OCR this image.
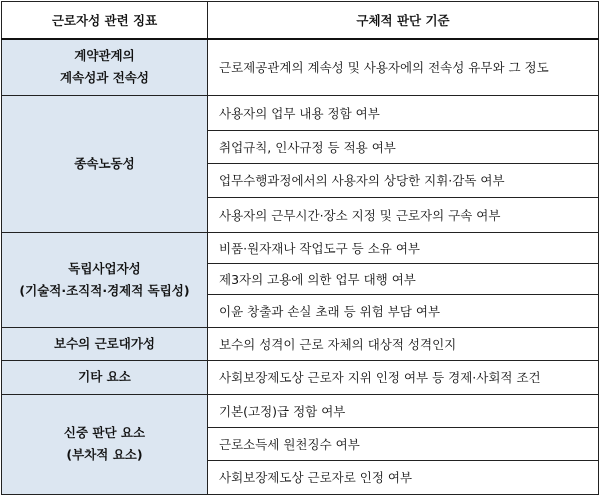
근로자성 관련 징표	구체적 판단 기준

계약관계의
계속성과 전속성	근로제공관계의 계속성 및 사용자에의 전속성 유무와 그 정도

종속노동성	사용자의 업무 내용 정함 여부
	취업규칙, 인사규정 등 적용 여부
	업무수행과정에서의 사용자의 상당한 지휘·감독 여부
	사용자의 근무시간·장소 지정 및 근로자의 구속 여부

독립사업자성
(기술적·조직적·경제적 독립성)	비품·원자재나 작업도구 등 소유 여부
	제3자의 고용에 의한 업무 대행 여부
	이윤 창출과 손실 초래 등 위험 부담 여부

보수의 근로대가성	보수의 성격이 근로 자체의 대상적 성격인지

기타 요소	사회보장제도상 근로자 지위 인정 여부 등 경제·사회적 조건

신중 판단 요소
(부차적 요소)	기본(고정)급 정함 여부
	근로소득세 원천징수 여부
	사회보장제도상 근로자로 인정 여부
